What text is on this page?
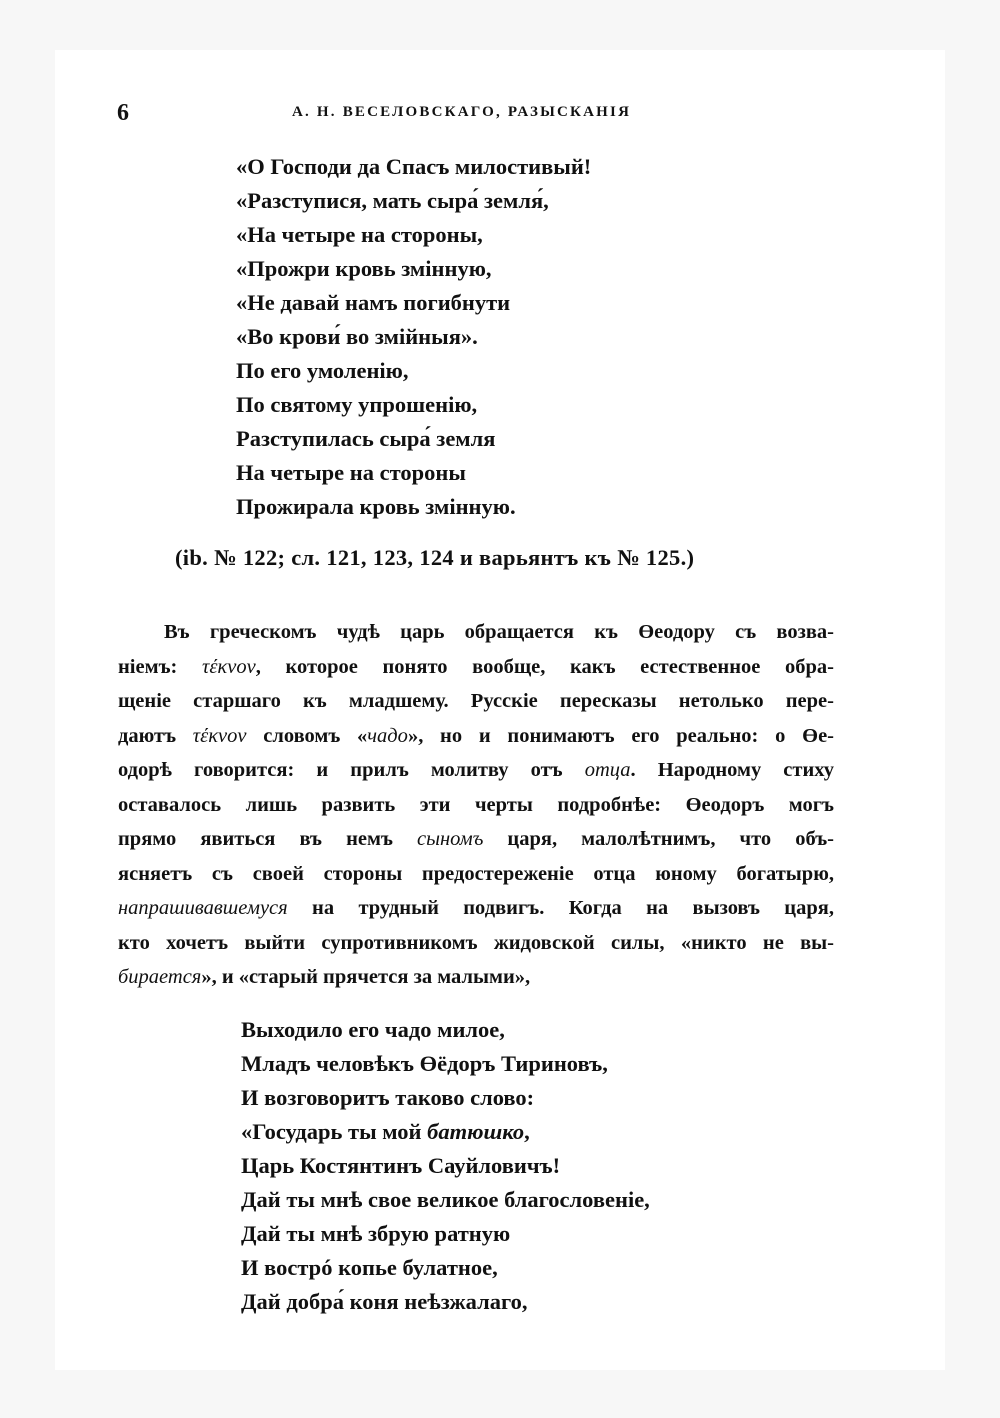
6	А. Н. ВЕСЕЛОВСКАГО, РАЗЫСКАНІЯ
«О Господи да Спасъ милостивый!
«Разступися, мать сыра́ земля́,
«На четыре на стороны,
«Прожри кровь змінную,
«Не давай намъ погибнути
«Во крови́ во змійныя».
По его умоленію,
По святому упрошенію,
Разступилась сыра́ земля
На четыре на стороны
Прожирала кровь змінную.
(ib. № 122; сл. 121, 123, 124 и варьянтъ къ № 125.)
Въ греческомъ чудѣ царь обращается къ Өеодору съ возва-
ніемъ: τέκνον, которое понято вообще, какъ естественное обра-
щеніе старшаго къ младшему. Русскіе пересказы нетолько пере-
даютъ τέκνον словомъ «чадо», но и понимаютъ его реально: о Өе-
одорѣ говорится: и прилъ молитву отъ отца. Народному стиху
оставалось лишь развить эти черты подробнѣе: Өеодоръ могъ
прямо явиться въ немъ сыномъ царя, малолѣтнимъ, что объ-
ясняетъ съ своей стороны предостереженіе отца юному богатырю,
напрашивавшемуся на трудный подвигъ. Когда на вызовъ царя,
кто хочетъ выйти супротивникомъ жидовской силы, «никто не вы-
бирается», и «старый прячется за малыми»,
Выходило его чадо милое,
Младъ человѣкъ Өёдоръ Тириновъ,
И возговоритъ таково слово:
«Государь ты мой батюшко,
Царь Костянтинъ Сауйловичъ!
Дай ты мнѣ свое великое благословеніе,
Дай ты мнѣ збрую ратную
И вострó копье булатное,
Дай добра́ коня неѣзжалаго,
